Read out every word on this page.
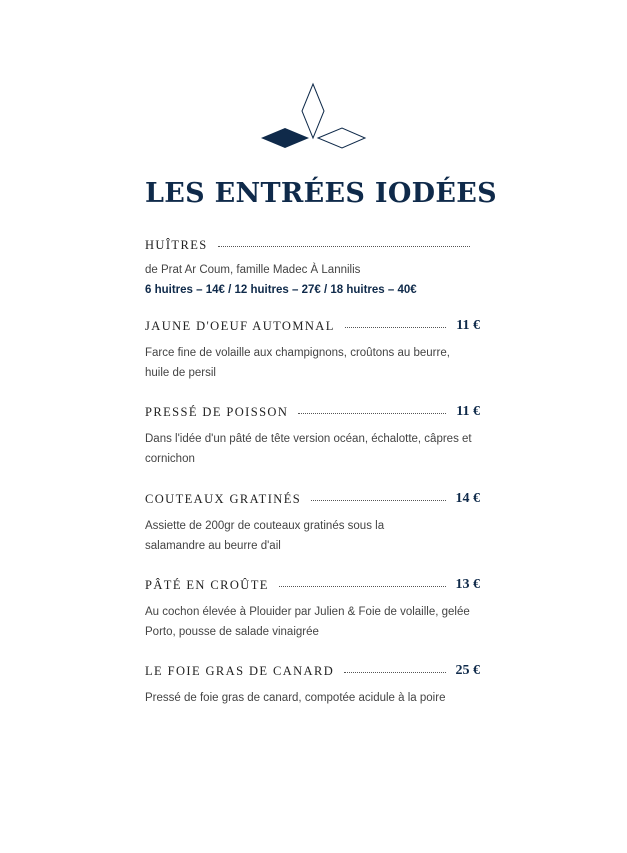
LES ENTRÉES IODÉES
HUÎTRES
de Prat Ar Coum, famille Madec À Lannilis
6 huitres – 14€ / 12 huitres – 27€ / 18 huitres – 40€
JAUNE D'OEUF AUTOMNAL	11 €
Farce fine de volaille aux champignons, croûtons au beurre, huile de persil
PRESSÉ DE POISSON	11 €
Dans l'idée d'un pâté de tête version océan, échalotte, câpres et cornichon
COUTEAUX GRATINÉS	14 €
Assiette de 200gr de couteaux gratinés sous la salamandre au beurre d'ail
PÂTÉ EN CROÛTE	13 €
Au cochon élevée à Plouider par Julien & Foie de volaille, gelée Porto, pousse de salade vinaigrée
LE FOIE GRAS DE CANARD	25 €
Pressé de foie gras de canard, compotée acidule à la poire
